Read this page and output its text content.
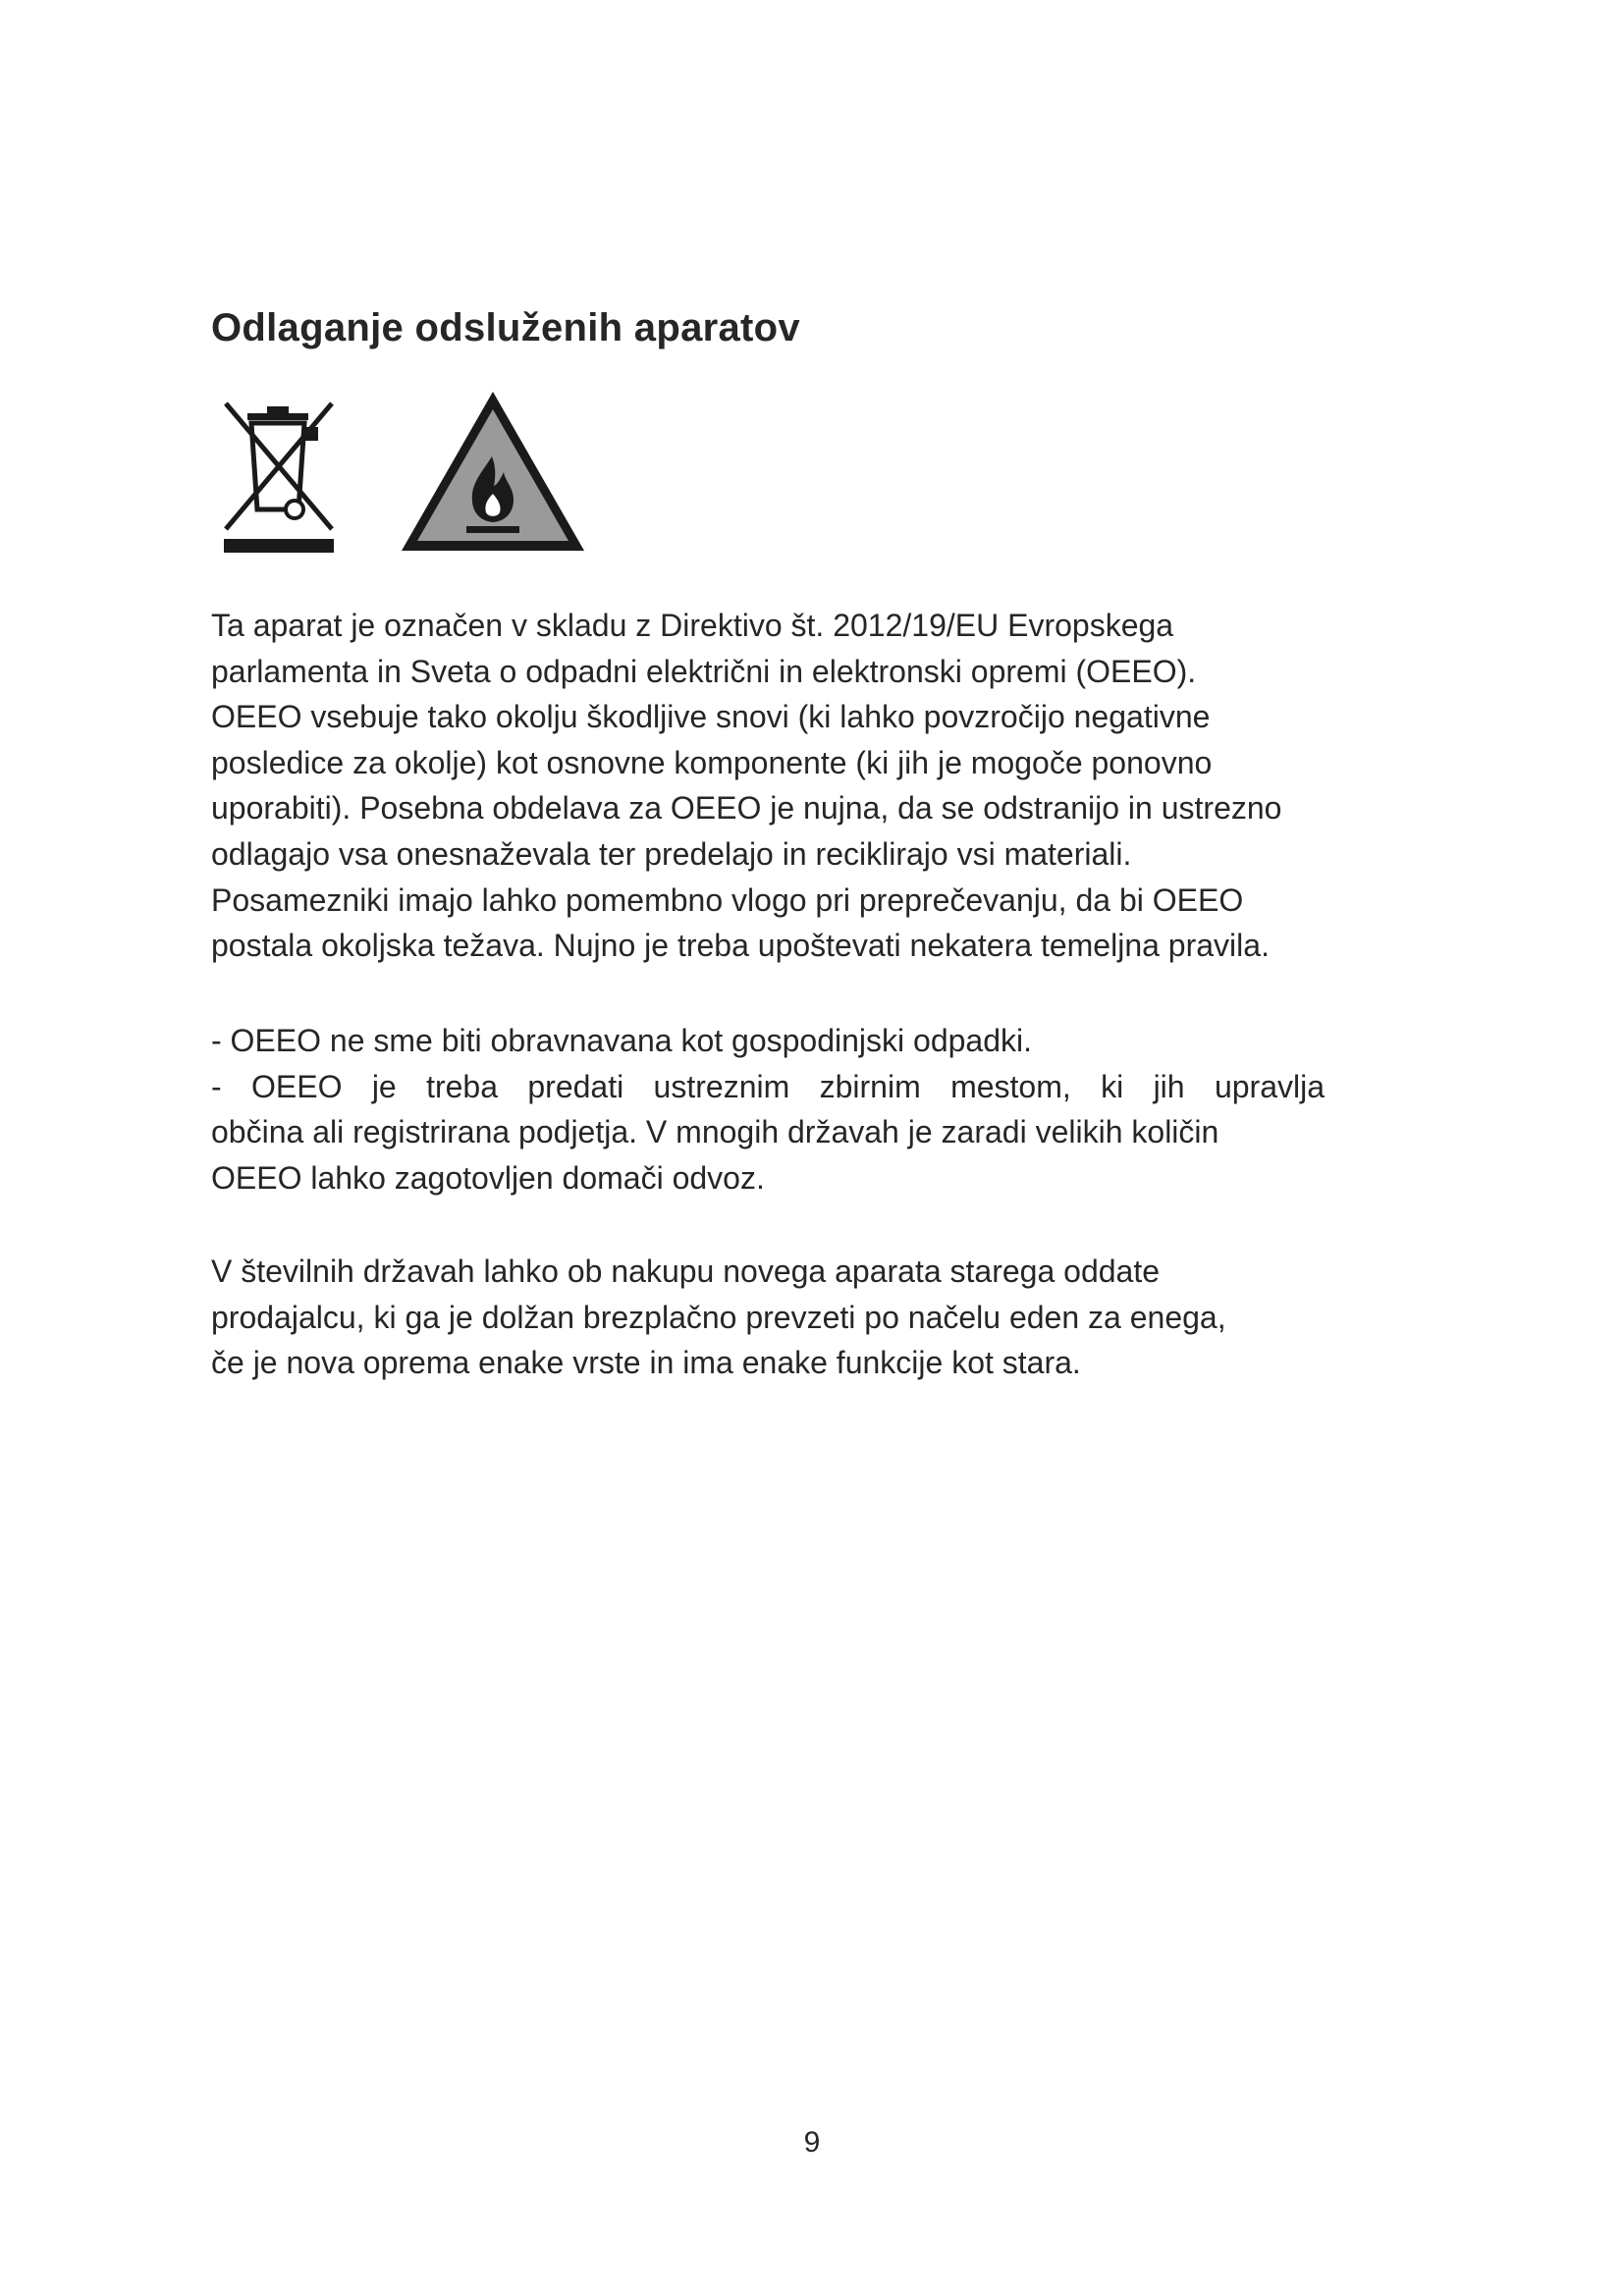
Odlaganje odsluženih aparatov

Ta aparat je označen v skladu z Direktivo št. 2012/19/EU Evropskega
parlamenta in Sveta o odpadni električni in elektronski opremi (OEEO).
OEEO vsebuje tako okolju škodljive snovi (ki lahko povzročijo negativne
posledice za okolje) kot osnovne komponente (ki jih je mogoče ponovno
uporabiti). Posebna obdelava za OEEO je nujna, da se odstranijo in ustrezno
odlagajo vsa onesnaževala ter predelajo in reciklirajo vsi materiali.
Posamezniki imajo lahko pomembno vlogo pri preprečevanju, da bi OEEO
postala okoljska težava. Nujno je treba upoštevati nekatera temeljna pravila.

- OEEO ne sme biti obravnavana kot gospodinjski odpadki.
- OEEO je treba predati ustreznim zbirnim mestom, ki jih upravlja
občina ali registrirana podjetja. V mnogih državah je zaradi velikih količin
OEEO lahko zagotovljen domači odvoz.

V številnih državah lahko ob nakupu novega aparata starega oddate
prodajalcu, ki ga je dolžan brezplačno prevzeti po načelu eden za enega,
če je nova oprema enake vrste in ima enake funkcije kot stara.

9
